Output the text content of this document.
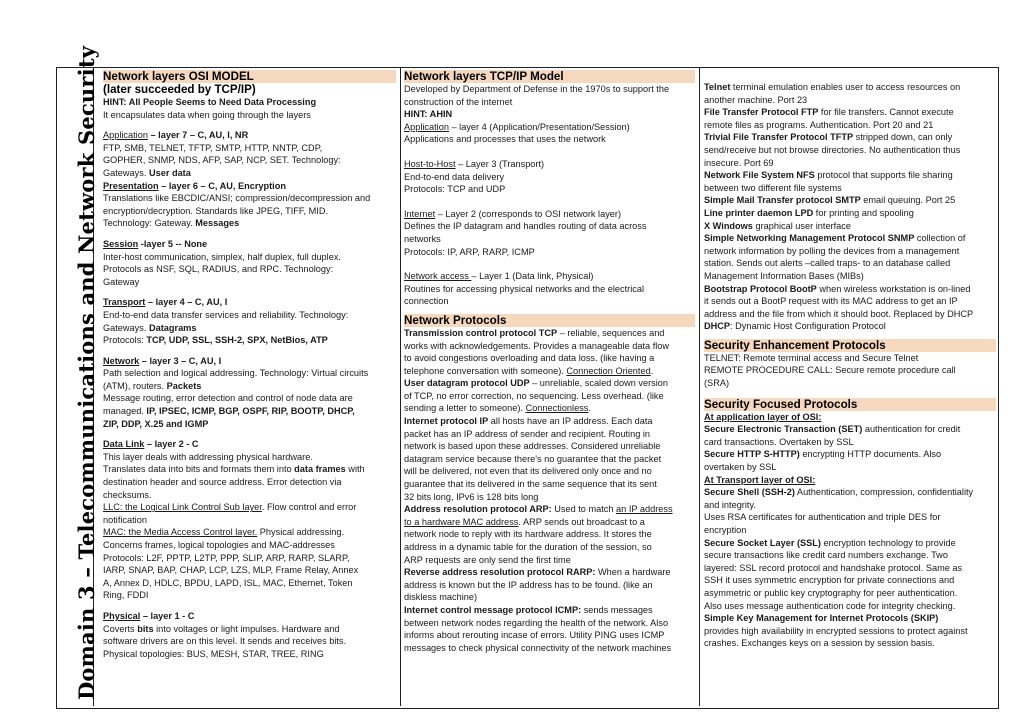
Domain 3 – Telecommunications and Network Security Network layers OSI MODEL
(later succeeded by TCP/IP)
HINT: All People Seems to Need Data Processing
It encapsulates data when going through the layers
Application – layer 7 – C, AU, I, NR
FTP, SMB, TELNET, TFTP, SMTP, HTTP, NNTP, CDP,
GOPHER, SNMP, NDS, AFP, SAP, NCP, SET. Technology:
Gateways. User data
Presentation – layer 6 – C, AU, Encryption
Translations like EBCDIC/ANSI; compression/decompression and
encryption/decryption. Standards like JPEG, TIFF, MID.
Technology: Gateway. Messages
Session -layer 5 -- None
Inter-host communication, simplex, half duplex, full duplex.
Protocols as NSF, SQL, RADIUS, and RPC. Technology:
Gateway
Transport – layer 4 – C, AU, I
End-to-end data transfer services and reliability. Technology:
Gateways. Datagrams
Protocols: TCP, UDP, SSL, SSH-2, SPX, NetBios, ATP
Network – layer 3 – C, AU, I
Path selection and logical addressing. Technology: Virtual circuits
(ATM), routers. Packets
Message routing, error detection and control of node data are
managed. IP, IPSEC, ICMP, BGP, OSPF, RIP, BOOTP, DHCP,
ZIP, DDP, X.25 and IGMP
Data Link – layer 2 - C
This layer deals with addressing physical hardware.
Translates data into bits and formats them into data frames with
destination header and source address. Error detection via
checksums.
LLC: the Logical Link Control Sub layer. Flow control and error
notification
MAC: the Media Access Control layer. Physical addressing.
Concerns frames, logical topologies and MAC-addresses
Protocols: L2F, PPTP, L2TP, PPP, SLIP, ARP, RARP, SLARP,
IARP, SNAP, BAP, CHAP, LCP, LZS, MLP, Frame Relay, Annex
A, Annex D, HDLC, BPDU, LAPD, ISL, MAC, Ethernet, Token
Ring, FDDI
Physical – layer 1 - C
Coverts bits into voltages or light impulses. Hardware and
software drivers are on this level. It sends and receives bits.
Physical topologies: BUS, MESH, STAR, TREE, RING
Network layers TCP/IP Model
Developed by Department of Defense in the 1970s to support the
construction of the internet
HINT: AHIN
Application – layer 4 (Application/Presentation/Session)
Applications and processes that uses the network
Host-to-Host – Layer 3 (Transport)
End-to-end data delivery
Protocols: TCP and UDP
Internet – Layer 2 (corresponds to OSI network layer)
Defines the IP datagram and handles routing of data across
networks
Protocols: IP, ARP, RARP, ICMP
Network access – Layer 1 (Data link, Physical)
Routines for accessing physical networks and the electrical
connection
Network Protocols
Transmission control protocol TCP – reliable, sequences and
works with acknowledgements. Provides a manageable data flow
to avoid congestions overloading and data loss. (like having a
telephone conversation with someone). Connection Oriented.
User datagram protocol UDP – unreliable, scaled down version
of TCP, no error correction, no sequencing. Less overhead. (like
sending a letter to someone). Connectionless.
Internet protocol IP all hosts have an IP address. Each data
packet has an IP address of sender and recipient. Routing in
network is based upon these addresses. Considered unreliable
datagram service because there's no guarantee that the packet
will be delivered, not even that its delivered only once and no
guarantee that its delivered in the same sequence that its sent
32 bits long, IPv6 is 128 bits long
Address resolution protocol ARP: Used to match an IP address
to a hardware MAC address. ARP sends out broadcast to a
network node to reply with its hardware address. It stores the
address in a dynamic table for the duration of the session, so
ARP requests are only send the first time
Reverse address resolution protocol RARP: When a hardware
address is known but the IP address has to be found. (like an
diskless machine)
Internet control message protocol ICMP: sends messages
between network nodes regarding the health of the network. Also
informs about rerouting incase of errors. Utility PING uses ICMP
messages to check physical connectivity of the network machines
Telnet terminal emulation enables user to access resources on
another machine. Port 23
File Transfer Protocol FTP for file transfers. Cannot execute
remote files as programs. Authentication. Port 20 and 21
Trivial File Transfer Protocol TFTP stripped down, can only
send/receive but not browse directories. No authentication thus
insecure. Port 69
Network File System NFS protocol that supports file sharing
between two different file systems
Simple Mail Transfer protocol SMTP email queuing. Port 25
Line printer daemon LPD for printing and spooling
X Windows graphical user interface
Simple Networking Management Protocol SNMP collection of
network information by polling the devices from a management
station. Sends out alerts –called traps- to an database called
Management Information Bases (MIBs)
Bootstrap Protocol BootP when wireless workstation is on-lined
it sends out a BootP request with its MAC address to get an IP
address and the file from which it should boot. Replaced by DHCP
DHCP: Dynamic Host Configuration Protocol
Security Enhancement Protocols
TELNET: Remote terminal access and Secure Telnet
REMOTE PROCEDURE CALL: Secure remote procedure call
(SRA)
Security Focused Protocols
At application layer of OSI:
Secure Electronic Transaction (SET) authentication for credit
card transactions. Overtaken by SSL
Secure HTTP S-HTTP) encrypting HTTP documents. Also
overtaken by SSL
At Transport layer of OSI:
Secure Shell (SSH-2) Authentication, compression, confidentiality
and integrity.
Uses RSA certificates for authentication and triple DES for
encryption
Secure Socket Layer (SSL) encryption technology to provide
secure transactions like credit card numbers exchange. Two
layered: SSL record protocol and handshake protocol. Same as
SSH it uses symmetric encryption for private connections and
asymmetric or public key cryptography for peer authentication.
Also uses message authentication code for integrity checking.
Simple Key Management for Internet Protocols (SKIP)
provides high availability in encrypted sessions to protect against
crashes. Exchanges keys on a session by session basis.
